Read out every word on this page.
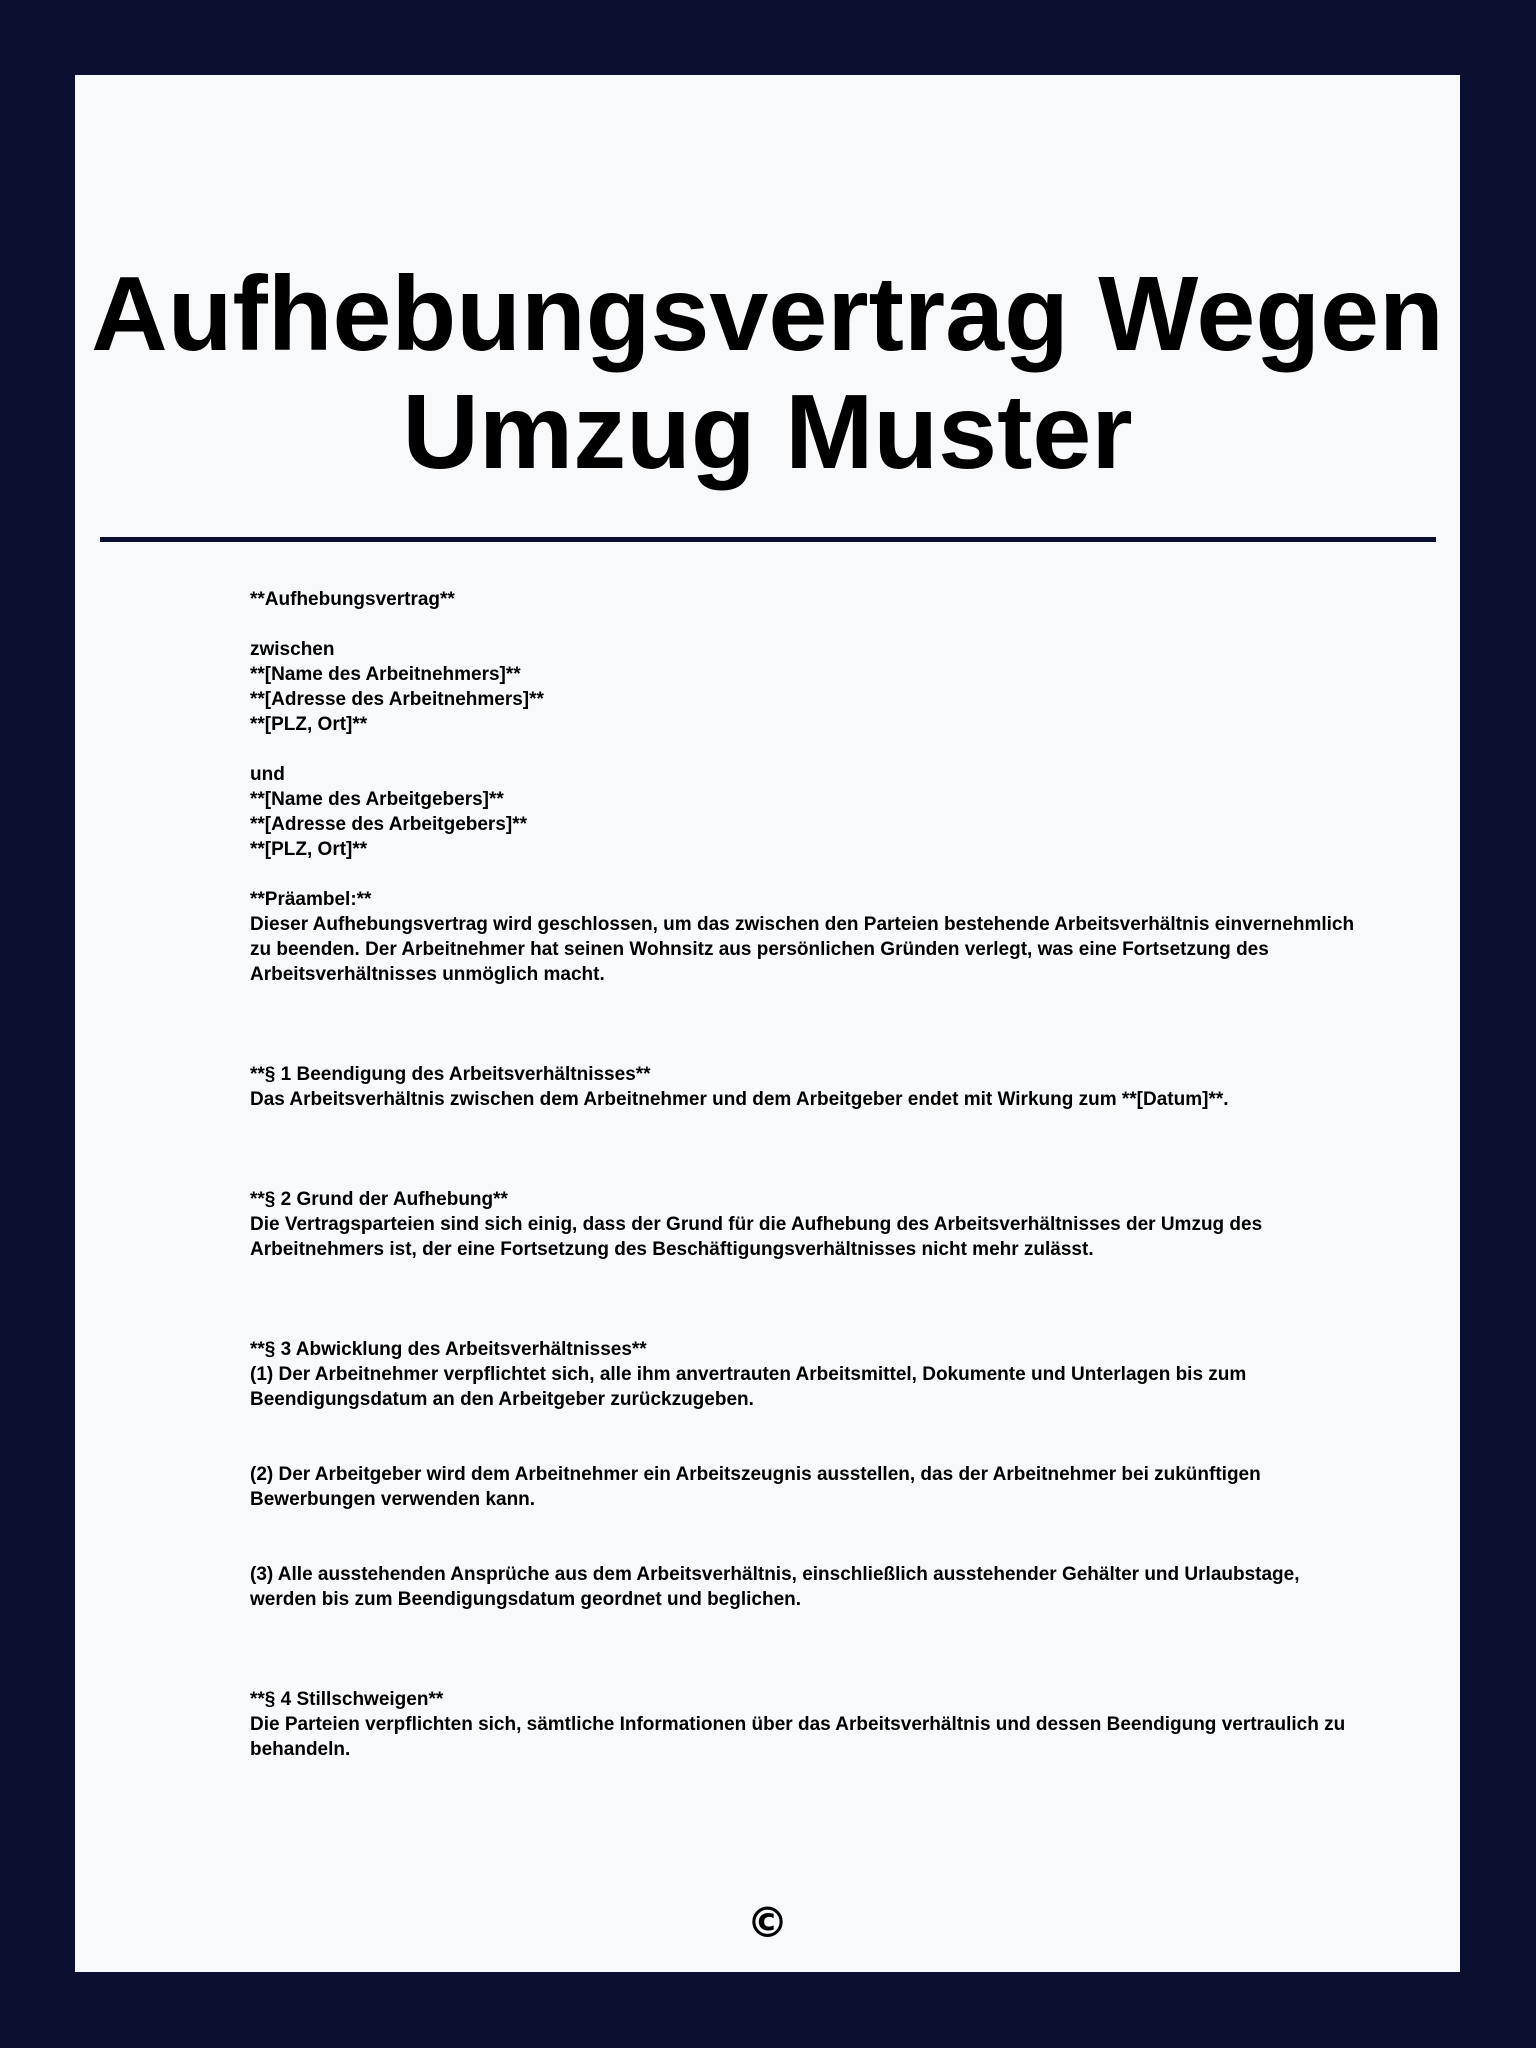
Aufhebungsvertrag Wegen Umzug Muster

**Aufhebungsvertrag**

zwischen
**[Name des Arbeitnehmers]**
**[Adresse des Arbeitnehmers]**
**[PLZ, Ort]**

und
**[Name des Arbeitgebers]**
**[Adresse des Arbeitgebers]**
**[PLZ, Ort]**

**Präambel:**
Dieser Aufhebungsvertrag wird geschlossen, um das zwischen den Parteien bestehende Arbeitsverhältnis einvernehmlich zu beenden. Der Arbeitnehmer hat seinen Wohnsitz aus persönlichen Gründen verlegt, was eine Fortsetzung des Arbeitsverhältnisses unmöglich macht.

**§ 1 Beendigung des Arbeitsverhältnisses**
Das Arbeitsverhältnis zwischen dem Arbeitnehmer und dem Arbeitgeber endet mit Wirkung zum **[Datum]**.

**§ 2 Grund der Aufhebung**
Die Vertragsparteien sind sich einig, dass der Grund für die Aufhebung des Arbeitsverhältnisses der Umzug des Arbeitnehmers ist, der eine Fortsetzung des Beschäftigungsverhältnisses nicht mehr zulässt.

**§ 3 Abwicklung des Arbeitsverhältnisses**
(1) Der Arbeitnehmer verpflichtet sich, alle ihm anvertrauten Arbeitsmittel, Dokumente und Unterlagen bis zum Beendigungsdatum an den Arbeitgeber zurückzugeben.

(2) Der Arbeitgeber wird dem Arbeitnehmer ein Arbeitszeugnis ausstellen, das der Arbeitnehmer bei zukünftigen Bewerbungen verwenden kann.

(3) Alle ausstehenden Ansprüche aus dem Arbeitsverhältnis, einschließlich ausstehender Gehälter und Urlaubstage, werden bis zum Beendigungsdatum geordnet und beglichen.

**§ 4 Stillschweigen**
Die Parteien verpflichten sich, sämtliche Informationen über das Arbeitsverhältnis und dessen Beendigung vertraulich zu behandeln.

©
